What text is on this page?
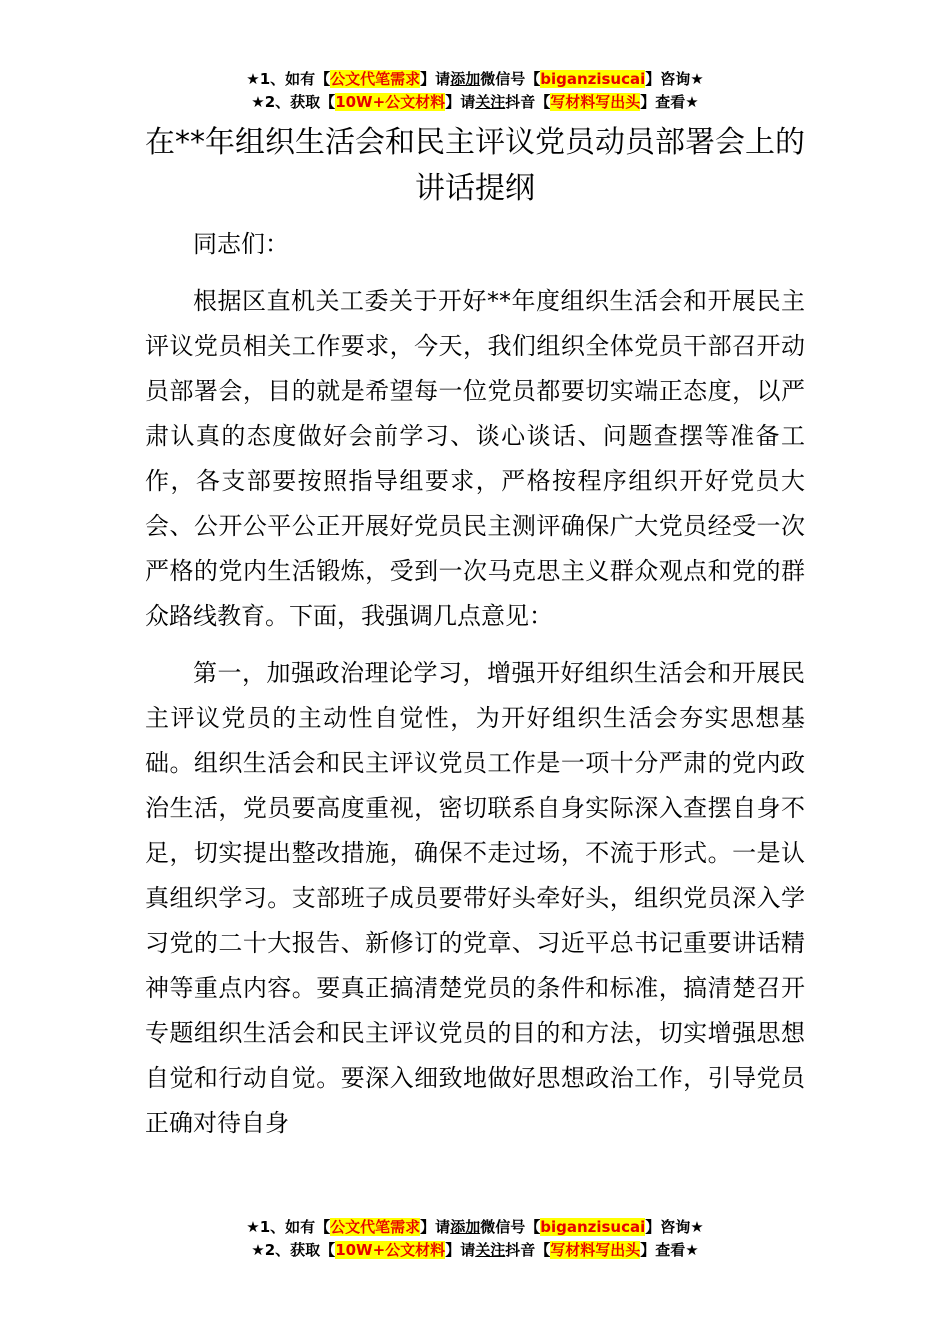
★1、如有【公文代笔需求】请添加微信号【biganzisucai】咨询★
★2、获取【10W+公文材料】请关注抖音【写材料写出头】查看★
在**年组织生活会和民主评议党员动员部署会上的讲话提纲

同志们：

根据区直机关工委关于开好**年度组织生活会和开展民主评议党员相关工作要求，今天，我们组织全体党员干部召开动员部署会，目的就是希望每一位党员都要切实端正态度，以严肃认真的态度做好会前学习、谈心谈话、问题查摆等准备工作，各支部要按照指导组要求，严格按程序组织开好党员大会、公开公平公正开展好党员民主测评确保广大党员经受一次严格的党内生活锻炼，受到一次马克思主义群众观点和党的群众路线教育。下面，我强调几点意见：

第一，加强政治理论学习，增强开好组织生活会和开展民主评议党员的主动性自觉性，为开好组织生活会夯实思想基础。组织生活会和民主评议党员工作是一项十分严肃的党内政治生活，党员要高度重视，密切联系自身实际深入查摆自身不足，切实提出整改措施，确保不走过场，不流于形式。一是认真组织学习。支部班子成员要带好头牵好头，组织党员深入学习党的二十大报告、新修订的党章、习近平总书记重要讲话精神等重点内容。要真正搞清楚党员的条件和标准，搞清楚召开专题组织生活会和民主评议党员的目的和方法，切实增强思想自觉和行动自觉。要深入细致地做好思想政治工作，引导党员正确对待自身

★1、如有【公文代笔需求】请添加微信号【biganzisucai】咨询★
★2、获取【10W+公文材料】请关注抖音【写材料写出头】查看★
